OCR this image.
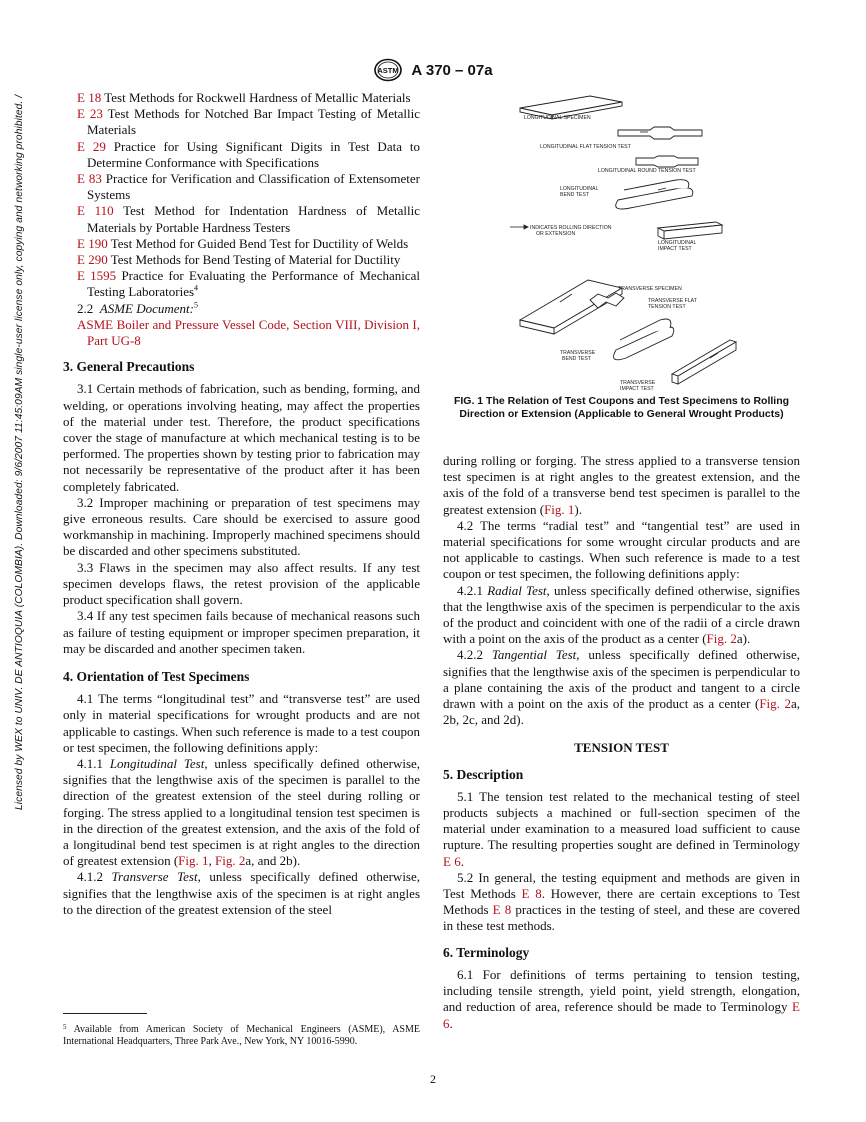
Licensed by WEX to UNIV. DE ANTIOQUIA (COLOMBIA). Downloaded: 9/6/2007 11:45:09AM single-user license only, copying and networking prohibited. /
ASTM A 370 – 07a

E 18 Test Methods for Rockwell Hardness of Metallic Materials

E 23 Test Methods for Notched Bar Impact Testing of Metallic Materials

E 29 Practice for Using Significant Digits in Test Data to Determine Conformance with Specifications

E 83 Practice for Verification and Classification of Extensometer Systems

E 110 Test Method for Indentation Hardness of Metallic Materials by Portable Hardness Testers

E 190 Test Method for Guided Bend Test for Ductility of Welds

E 290 Test Methods for Bend Testing of Material for Ductility

E 1595 Practice for Evaluating the Performance of Mechanical Testing Laboratories$^4$

2.2 ASME Document:$^5$

ASME Boiler and Pressure Vessel Code, Section VIII, Division I, Part UG-8

3. General Precautions

3.1 Certain methods of fabrication, such as bending, forming, and welding, or operations involving heating, may affect the properties of the material under test. Therefore, the product specifications cover the stage of manufacture at which mechanical testing is to be performed. The properties shown by testing prior to fabrication may not necessarily be representative of the product after it has been completely fabricated.

3.2 Improper machining or preparation of test specimens may give erroneous results. Care should be exercised to assure good workmanship in machining. Improperly machined specimens should be discarded and other specimens substituted.

3.3 Flaws in the specimen may also affect results. If any test specimen develops flaws, the retest provision of the applicable product specification shall govern.

3.4 If any test specimen fails because of mechanical reasons such as failure of testing equipment or improper specimen preparation, it may be discarded and another specimen taken.

4. Orientation of Test Specimens

4.1 The terms “longitudinal test” and “transverse test” are used only in material specifications for wrought products and are not applicable to castings. When such reference is made to a test coupon or test specimen, the following definitions apply:

4.1.1 Longitudinal Test, unless specifically defined otherwise, signifies that the lengthwise axis of the specimen is parallel to the direction of the greatest extension of the steel during rolling or forging. The stress applied to a longitudinal tension test specimen is in the direction of the greatest extension, and the axis of the fold of a longitudinal bend test specimen is at right angles to the direction of greatest extension (Fig. 1, Fig. 2a, and 2b).

4.1.2 Transverse Test, unless specifically defined otherwise, signifies that the lengthwise axis of the specimen is at right angles to the direction of the greatest extension of the steel

LONGITUDINAL SPECIMEN
LONGITUDINAL FLAT TENSION TEST
LONGITUDINAL ROUND TENSION TEST
LONGITUDINAL
BEND TEST
INDICATES ROLLING DIRECTION
OR EXTENSION
LONGITUDINAL
IMPACT TEST
TRANSVERSE SPECIMEN
TRANSVERSE FLAT
TENSION TEST
TRANSVERSE
BEND TEST
TRANSVERSE
IMPACT TEST
FIG. 1 The Relation of Test Coupons and Test Specimens to Rolling Direction or Extension (Applicable to General Wrought Products)

during rolling or forging. The stress applied to a transverse tension test specimen is at right angles to the greatest extension, and the axis of the fold of a transverse bend test specimen is parallel to the greatest extension (Fig. 1).

4.2 The terms “radial test” and “tangential test” are used in material specifications for some wrought circular products and are not applicable to castings. When such reference is made to a test coupon or test specimen, the following definitions apply:

4.2.1 Radial Test, unless specifically defined otherwise, signifies that the lengthwise axis of the specimen is perpendicular to the axis of the product and coincident with one of the radii of a circle drawn with a point on the axis of the product as a center (Fig. 2a).

4.2.2 Tangential Test, unless specifically defined otherwise, signifies that the lengthwise axis of the specimen is perpendicular to a plane containing the axis of the product and tangent to a circle drawn with a point on the axis of the product as a center (Fig. 2a, 2b, 2c, and 2d).

TENSION TEST
5. Description

5.1 The tension test related to the mechanical testing of steel products subjects a machined or full-section specimen of the material under examination to a measured load sufficient to cause rupture. The resulting properties sought are defined in Terminology E 6.

5.2 In general, the testing equipment and methods are given in Test Methods E 8. However, there are certain exceptions to Test Methods E 8 practices in the testing of steel, and these are covered in these test methods.

6. Terminology

6.1 For definitions of terms pertaining to tension testing, including tensile strength, yield point, yield strength, elongation, and reduction of area, reference should be made to Terminology E 6.

$^5$ Available from American Society of Mechanical Engineers (ASME), ASME International Headquarters, Three Park Ave., New York, NY 10016-5990.
2
